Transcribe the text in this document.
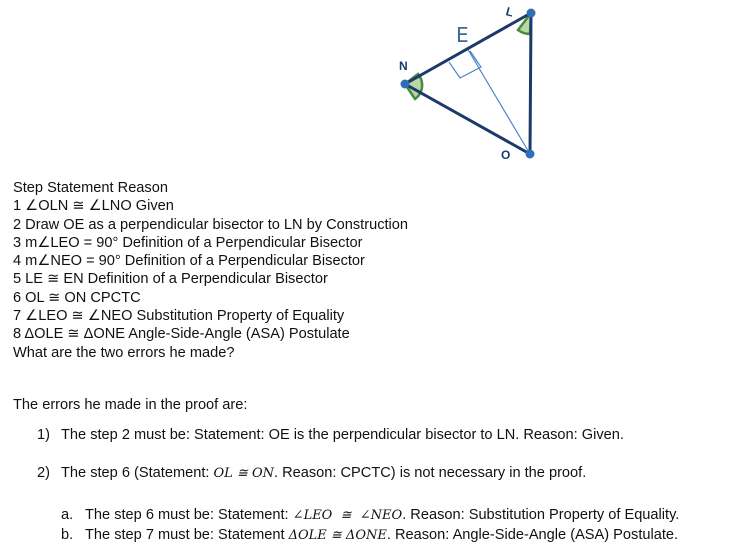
E
L
N
O
Step Statement Reason
1 ∠OLN ≅ ∠LNO Given
2 Draw OE as a perpendicular bisector to LN by Construction
3 m∠LEO = 90° Definition of a Perpendicular Bisector
4 m∠NEO = 90° Definition of a Perpendicular Bisector
5 LE ≅ EN Definition of a Perpendicular Bisector
6 OL ≅ ON CPCTC
7 ∠LEO ≅ ∠NEO Substitution Property of Equality
8 ΔOLE ≅ ΔONE Angle-Side-Angle (ASA) Postulate
What are the two errors he made?
The errors he made in the proof are:
1) The step 2 must be: Statement: OE is the perpendicular bisector to LN. Reason: Given.
2) The step 6 (Statement: OL ≅ ON. Reason: CPCTC) is not necessary in the proof.
a. The step 6 must be: Statement: ∠LEO  ≅  ∠NEO. Reason: Substitution Property of Equality.
b. The step 7 must be: Statement ΔOLE ≅ ΔONE. Reason: Angle-Side-Angle (ASA) Postulate.
